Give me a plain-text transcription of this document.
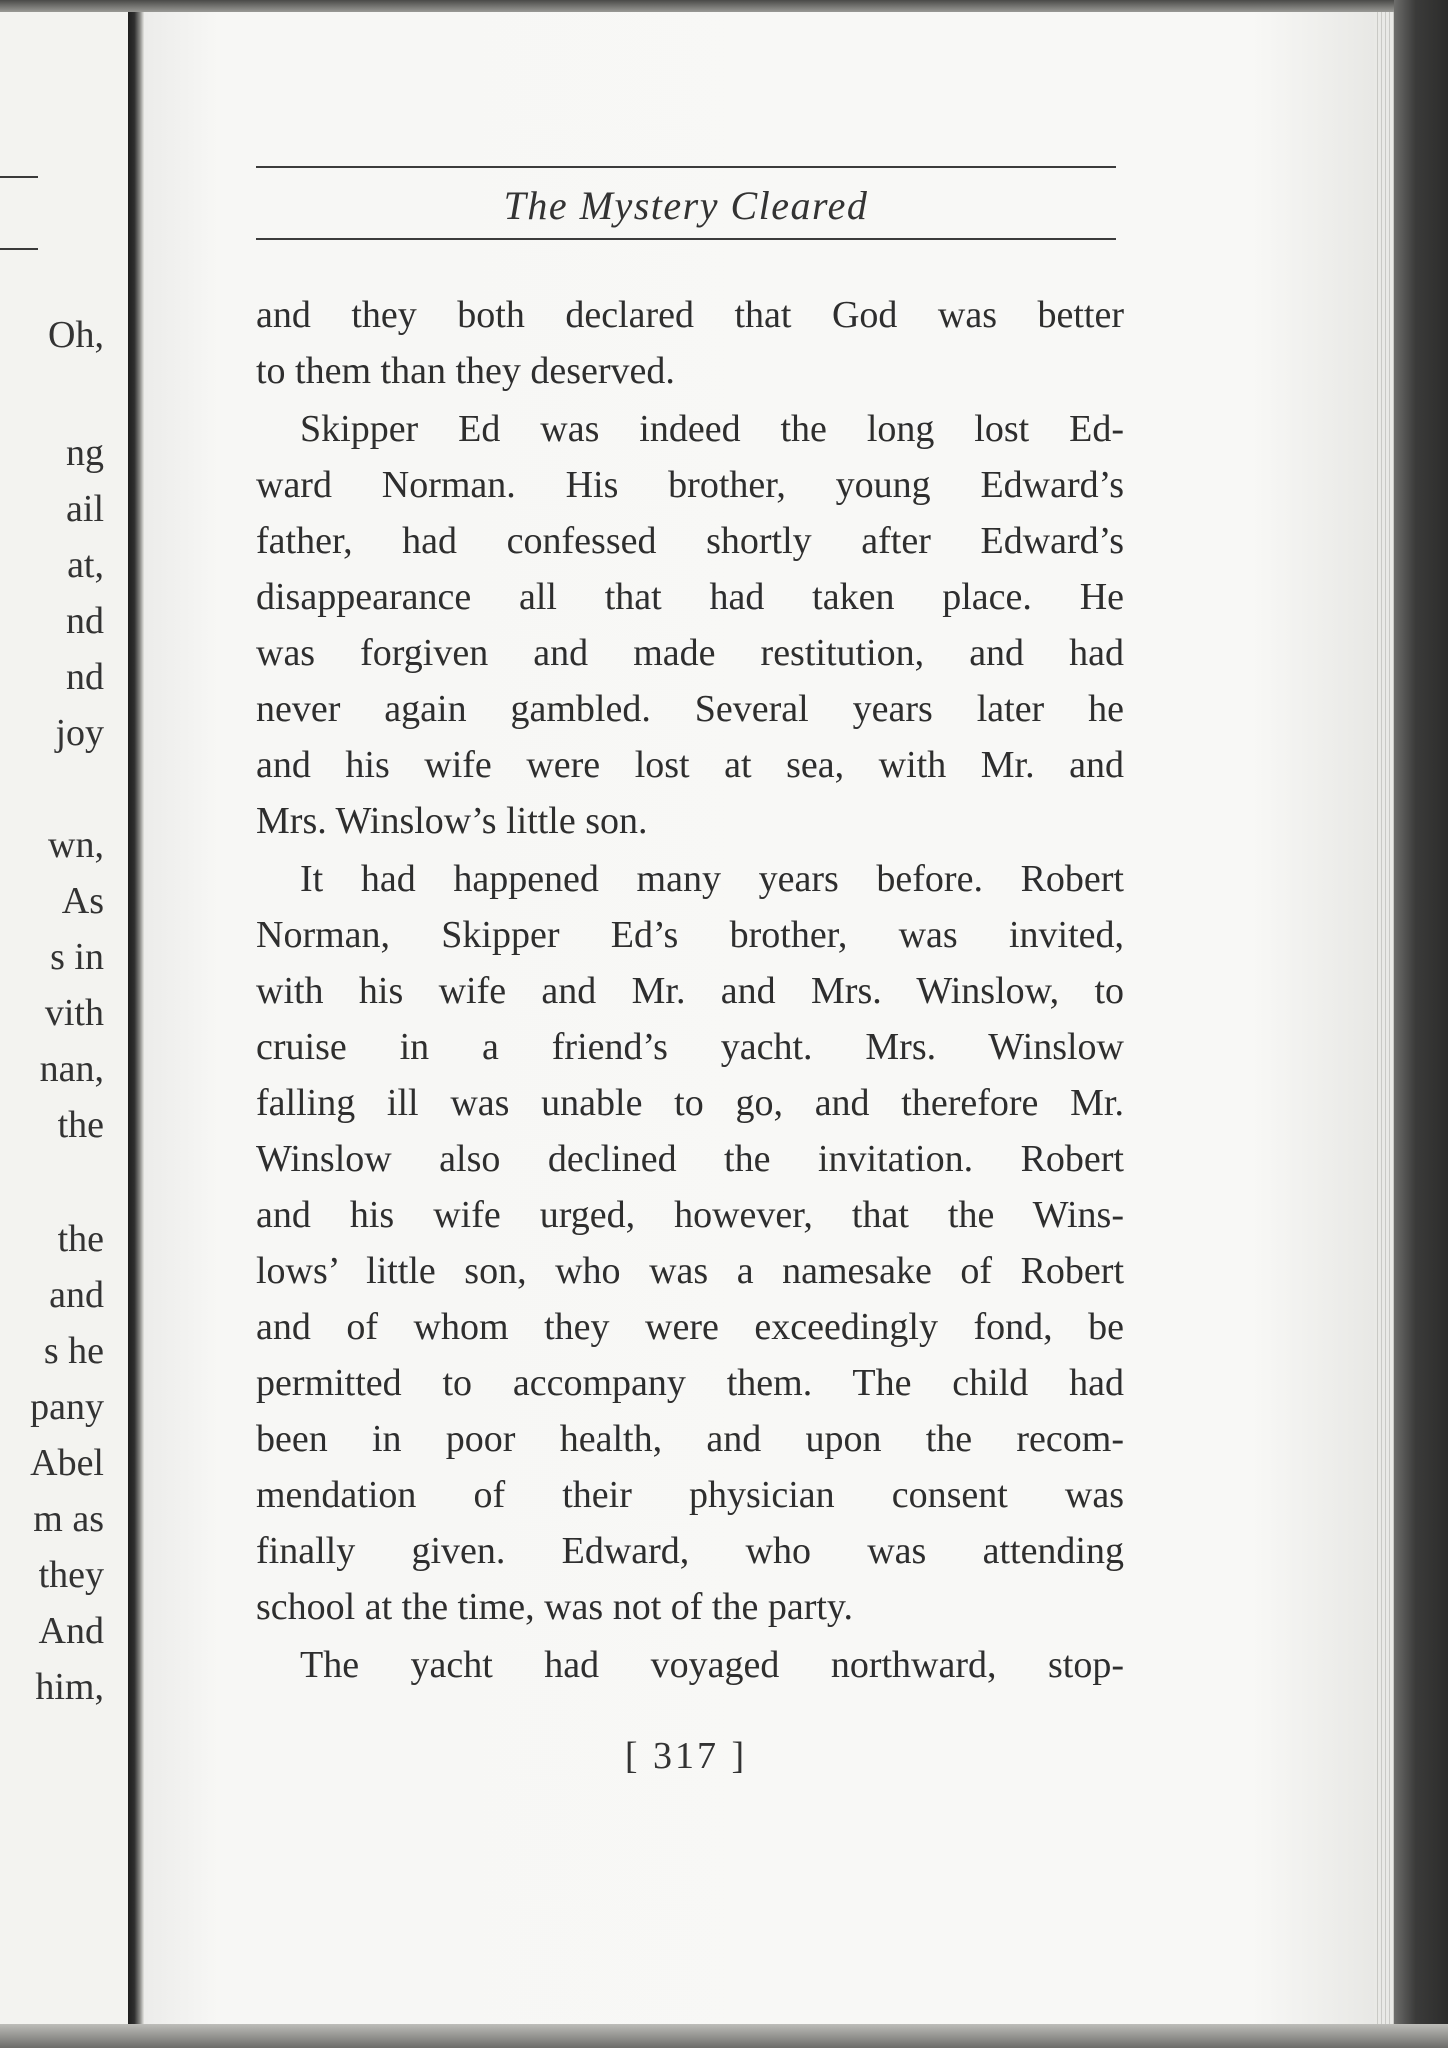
Oh,
ng
ail
at,
nd
nd
joy
wn,
As
s in
vith
nan,
the
the
and
s he
pany
Abel
m as
they
And
him,
The Mystery Cleared
and they both declared that God was better
to them than they deserved.
Skipper Ed was indeed the long lost Ed-
ward Norman. His brother, young Edward’s
father, had confessed shortly after Edward’s
disappearance all that had taken place. He
was forgiven and made restitution, and had
never again gambled. Several years later he
and his wife were lost at sea, with Mr. and
Mrs. Winslow’s little son.
It had happened many years before. Robert
Norman, Skipper Ed’s brother, was invited,
with his wife and Mr. and Mrs. Winslow, to
cruise in a friend’s yacht. Mrs. Winslow
falling ill was unable to go, and therefore Mr.
Winslow also declined the invitation. Robert
and his wife urged, however, that the Wins-
lows’ little son, who was a namesake of Robert
and of whom they were exceedingly fond, be
permitted to accompany them. The child had
been in poor health, and upon the recom-
mendation of their physician consent was
finally given. Edward, who was attending
school at the time, was not of the party.
The yacht had voyaged northward, stop-
[ 317 ]
